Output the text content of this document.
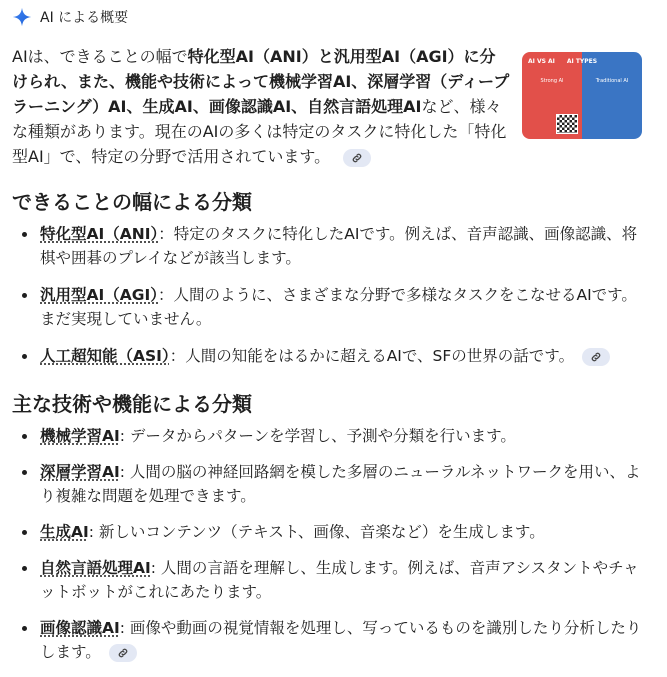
AI による概要

AIは、できることの幅で特化型AI（ANI）と汎用型AI（AGI）に分けられ、また、機能や技術によって機械学習AI、深層学習（ディープラーニング）AI、生成AI、画像認識AI、自然言語処理AIなど、様々な種類があります。現在のAIの多くは特定のタスクに特化した「特化型AI」で、特定の分野で活用されています。

AI VS AI
Strong AI
AI TYPES
Traditional AI
できることの幅による分類
特化型AI（ANI）：特定のタスクに特化したAIです。例えば、音声認識、画像認識、将棋や囲碁のプレイなどが該当します。
汎用型AI（AGI）：人間のように、さまざまな分野で多様なタスクをこなせるAIです。まだ実現していません。
人工超知能（ASI）：人間の知能をはるかに超えるAIで、SFの世界の話です。
主な技術や機能による分類
機械学習AI: データからパターンを学習し、予測や分類を行います。
深層学習AI: 人間の脳の神経回路網を模した多層のニューラルネットワークを用い、より複雑な問題を処理できます。
生成AI: 新しいコンテンツ（テキスト、画像、音楽など）を生成します。
自然言語処理AI: 人間の言語を理解し、生成します。例えば、音声アシスタントやチャットボットがこれにあたります。
画像認識AI: 画像や動画の視覚情報を処理し、写っているものを識別したり分析したりします。
